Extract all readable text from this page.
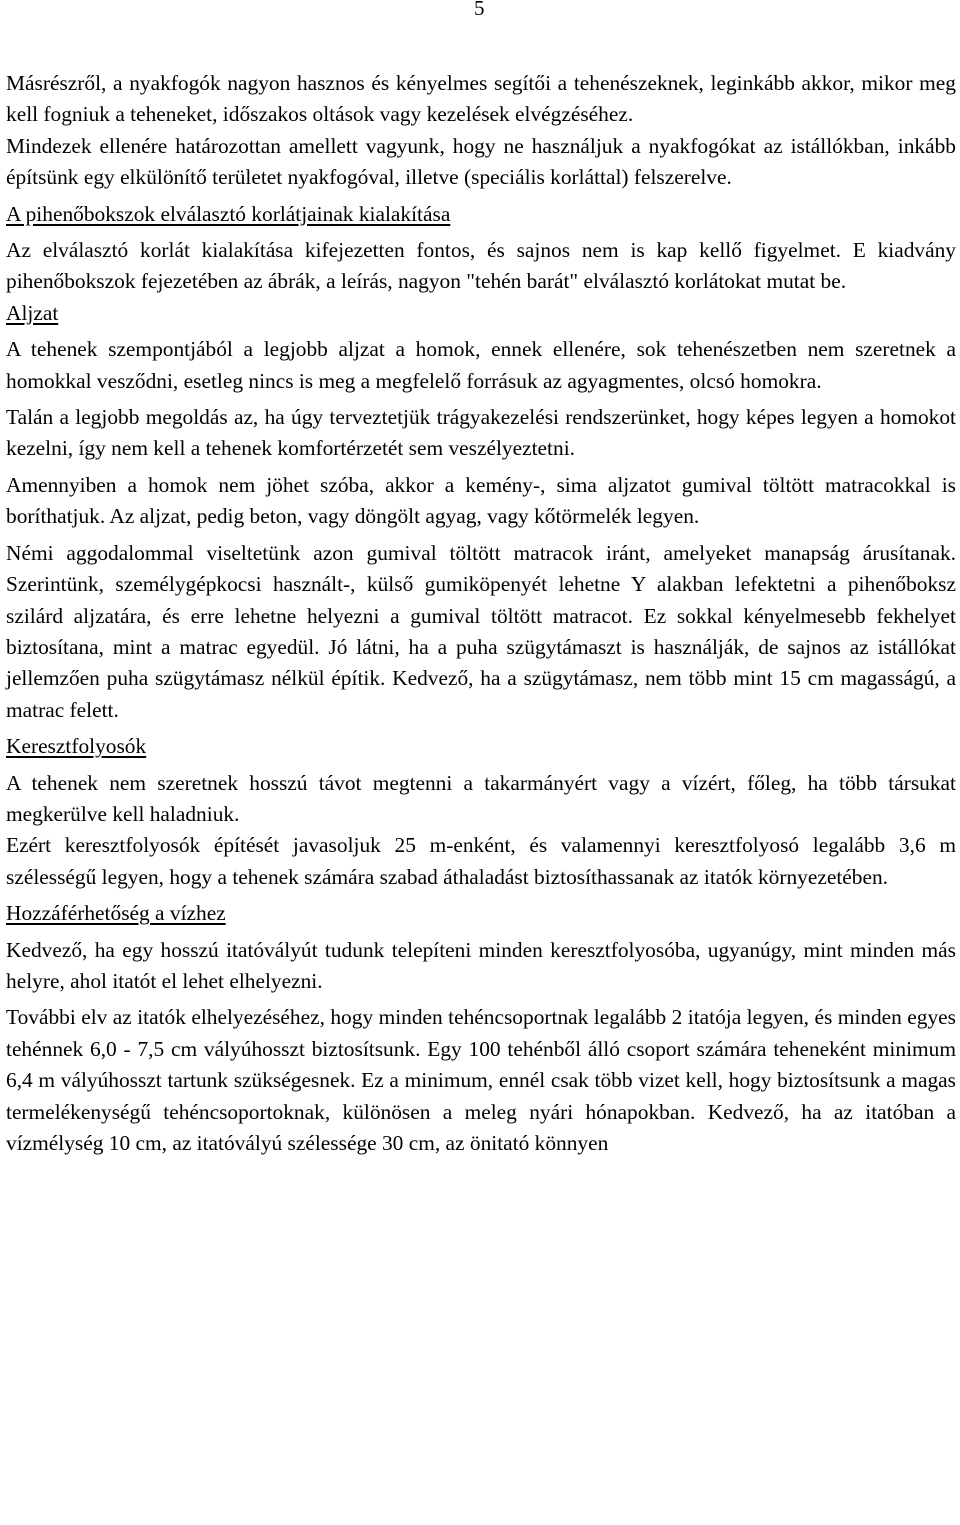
5

Másrészről, a nyakfogók nagyon hasznos és kényelmes segítői a tehenészeknek, leginkább akkor, mikor meg kell fogniuk a teheneket, időszakos oltások vagy kezelések elvégzéséhez.

Mindezek ellenére határozottan amellett vagyunk, hogy ne használjuk a nyakfogókat az istállókban, inkább építsünk egy elkülönítő területet nyakfogóval, illetve (speciális korláttal) felszerelve.

A pihenőbokszok elválasztó korlátjainak kialakítása

Az elválasztó korlát kialakítása kifejezetten fontos, és sajnos nem is kap kellő figyelmet. E kiadvány pihenőbokszok fejezetében az ábrák, a leírás, nagyon "tehén barát" elválasztó korlátokat mutat be.

Aljzat

A tehenek szempontjából a legjobb aljzat a homok, ennek ellenére, sok tehenészetben nem szeretnek a homokkal vesződni, esetleg nincs is meg a megfelelő forrásuk az agyagmentes, olcsó homokra.

Talán a legjobb megoldás az, ha úgy terveztetjük trágyakezelési rendszerünket, hogy képes legyen a homokot kezelni, így nem kell a tehenek komfortérzetét sem veszélyeztetni.

Amennyiben a homok nem jöhet szóba, akkor a kemény-, sima aljzatot gumival töltött matracokkal is boríthatjuk. Az aljzat, pedig beton, vagy döngölt agyag, vagy kőtörmelék legyen.

Némi aggodalommal viseltetünk azon gumival töltött matracok iránt, amelyeket manapság árusítanak. Szerintünk, személygépkocsi használt-, külső gumiköpenyét lehetne Y alakban lefektetni a pihenőboksz szilárd aljzatára, és erre lehetne helyezni a gumival töltött matracot. Ez sokkal kényelmesebb fekhelyet biztosítana, mint a matrac egyedül. Jó látni, ha a puha szügytámaszt is használják, de sajnos az istállókat jellemzően puha szügytámasz nélkül építik. Kedvező, ha a szügytámasz, nem több mint 15 cm magasságú, a matrac felett.

Keresztfolyosók

A tehenek nem szeretnek hosszú távot megtenni a takarmányért vagy a vízért, főleg, ha több társukat megkerülve kell haladniuk.

Ezért keresztfolyosók építését javasoljuk 25 m-enként, és valamennyi keresztfolyosó legalább 3,6 m szélességű legyen, hogy a tehenek számára szabad áthaladást biztosíthassanak az itatók környezetében.

Hozzáférhetőség a vízhez

Kedvező, ha egy hosszú itatóvályút tudunk telepíteni minden keresztfolyosóba, ugyanúgy, mint minden más helyre, ahol itatót el lehet elhelyezni.

További elv az itatók elhelyezéséhez, hogy minden tehéncsoportnak legalább 2 itatója legyen, és minden egyes tehénnek 6,0 - 7,5 cm vályúhosszt biztosítsunk. Egy 100 tehénből álló csoport számára teheneként minimum 6,4 m vályúhosszt tartunk szükségesnek. Ez a minimum, ennél csak több vizet kell, hogy biztosítsunk a magas termelékenységű tehéncsoportoknak, különösen a meleg nyári hónapokban. Kedvező, ha az itatóban a vízmélység 10 cm, az itatóvályú szélessége 30 cm, az önitató könnyen
